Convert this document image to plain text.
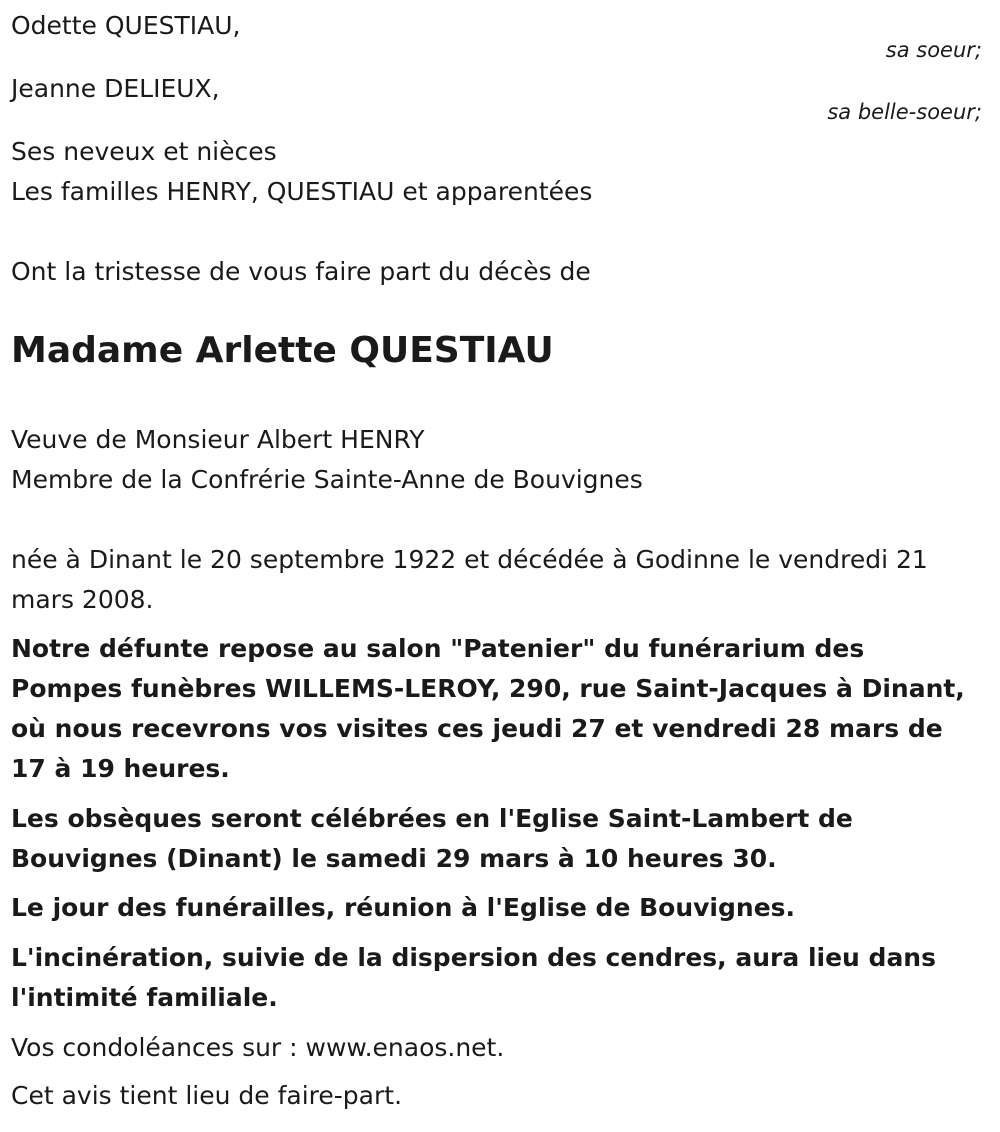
Odette QUESTIAU,

sa soeur;

Jeanne DELIEUX,

sa belle-soeur;

Ses neveux et nièces

Les familles HENRY, QUESTIAU et apparentées

Ont la tristesse de vous faire part du décès de

Madame Arlette QUESTIAU

Veuve de Monsieur Albert HENRY

Membre de la Confrérie Sainte-Anne de Bouvignes

née à Dinant le 20 septembre 1922 et décédée à Godinne le vendredi 21 mars 2008.

Notre défunte repose au salon "Patenier" du funérarium des Pompes funèbres WILLEMS-LEROY, 290, rue Saint-Jacques à Dinant, où nous recevrons vos visites ces jeudi 27 et vendredi 28 mars de 17 à 19 heures.

Les obsèques seront célébrées en l'Eglise Saint-Lambert de Bouvignes (Dinant) le samedi 29 mars à 10 heures 30.

Le jour des funérailles, réunion à l'Eglise de Bouvignes.

L'incinération, suivie de la dispersion des cendres, aura lieu dans l'intimité familiale.

Vos condoléances sur : www.enaos.net.

Cet avis tient lieu de faire-part.
